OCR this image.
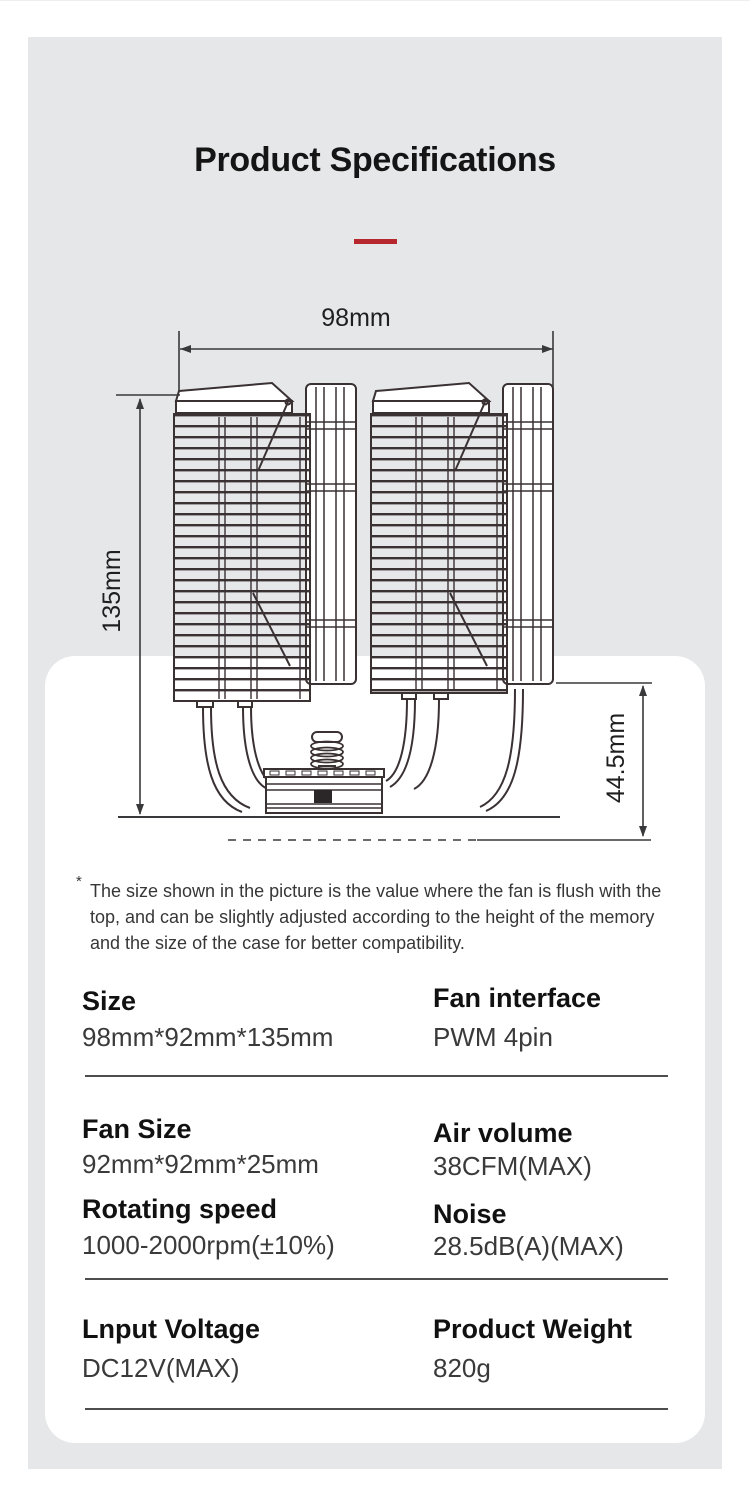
Product Specifications
98mm
135mm
44.5mm
* The size shown in the picture is the value where the fan is flush with the
top, and can be slightly adjusted according to the height of the memory
and the size of the case for better compatibility.
Size
98mm*92mm*135mm
Fan interface
PWM 4pin
Fan Size
92mm*92mm*25mm
Rotating speed
1000-2000rpm(±10%)
Air volume
38CFM(MAX)
Noise
28.5dB(A)(MAX)
Lnput Voltage
DC12V(MAX)
Product Weight
820g
